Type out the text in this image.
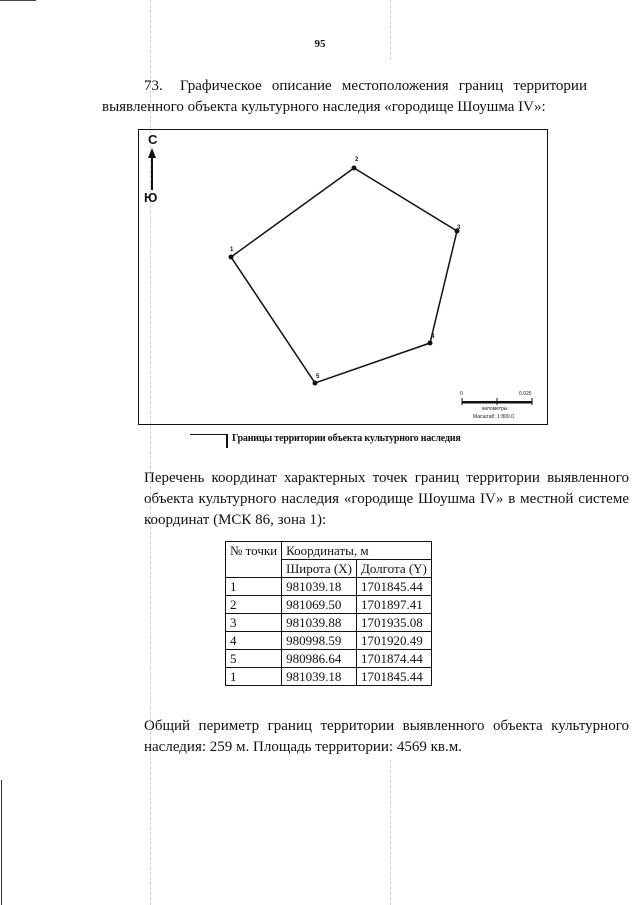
95
73. Графическое описание местоположения границ территории выявленного объекта культурного наследия «городище Шоушма IV»:
С
Ю
1
2
3
4
5
0	0.025
километры
Масштаб: 1:800.0
Границы территории объекта культурного наследия
Перечень координат характерных точек границ территории выявленного объекта культурного наследия «городище Шоушма IV» в местной системе координат (МСК 86, зона 1):
№ точки	Координаты, м	
	Широта (X)	Долгота (Y)
1	981039.18	1701845.44
2	981069.50	1701897.41
3	981039.88	1701935.08
4	980998.59	1701920.49
5	980986.64	1701874.44
1	981039.18	1701845.44
Общий периметр границ территории выявленного объекта культурного наследия: 259 м. Площадь территории: 4569 кв.м.
